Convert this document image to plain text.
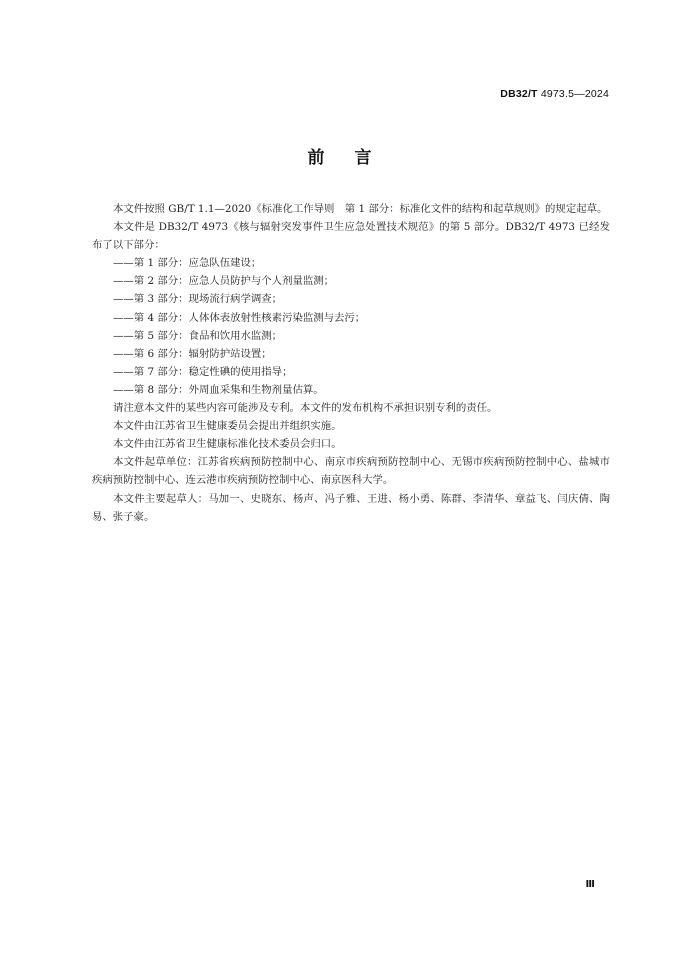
DB32/T 4973.5—2024
前言

本文件按照 GB/T 1.1—2020《标准化工作导则　第 1 部分：标准化文件的结构和起草规则》的规定起草。

本文件是 DB32/T 4973《核与辐射突发事件卫生应急处置技术规范》的第 5 部分。DB32/T 4973 已经发布了以下部分：

——第 1 部分：应急队伍建设；

——第 2 部分：应急人员防护与个人剂量监测；

——第 3 部分：现场流行病学调查；

——第 4 部分：人体体表放射性核素污染监测与去污；

——第 5 部分：食品和饮用水监测；

——第 6 部分：辐射防护站设置；

——第 7 部分：稳定性碘的使用指导；

——第 8 部分：外周血采集和生物剂量估算。

请注意本文件的某些内容可能涉及专利。本文件的发布机构不承担识别专利的责任。

本文件由江苏省卫生健康委员会提出并组织实施。

本文件由江苏省卫生健康标准化技术委员会归口。

本文件起草单位：江苏省疾病预防控制中心、南京市疾病预防控制中心、无锡市疾病预防控制中心、盐城市疾病预防控制中心、连云港市疾病预防控制中心、南京医科大学。

本文件主要起草人：马加一、史晓东、杨声、冯子雅、王进、杨小勇、陈群、李清华、章益飞、闫庆倩、陶易、张子豪。

Ⅲ
